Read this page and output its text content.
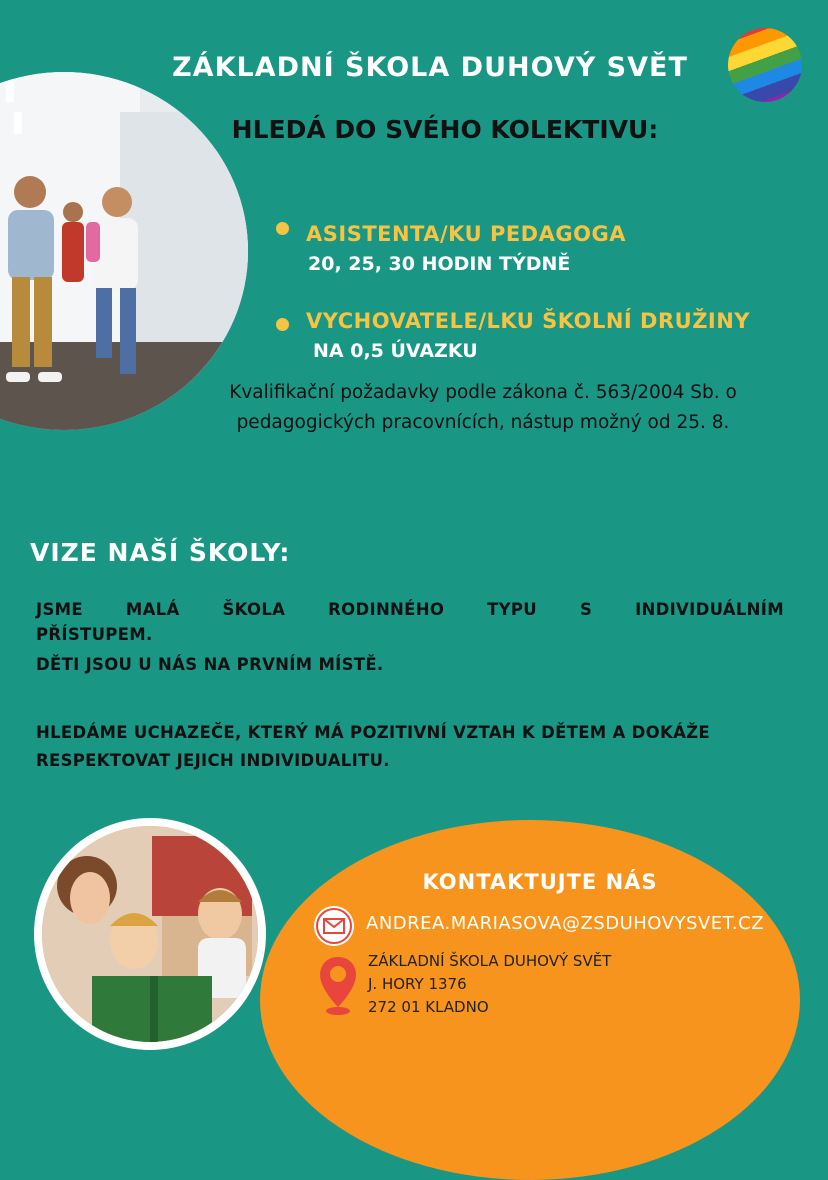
ZÁKLADNÍ ŠKOLA DUHOVÝ SVĚT
HLEDÁ DO SVÉHO KOLEKTIVU:
ASISTENTA/KU PEDAGOGA
20, 25, 30 HODIN TÝDNĚ
VYCHOVATELE/LKU ŠKOLNÍ DRUŽINY
NA 0,5 ÚVAZKU
Kvalifikační požadavky podle zákona č. 563/2004 Sb. o
pedagogických pracovnících, nástup možný od 25. 8.
VIZE NAŠÍ ŠKOLY:
JSME	MALÁ	ŠKOLA	RODINNÉHO	TYPU	S	INDIVIDUÁLNÍM
PŘÍSTUPEM.
DĚTI JSOU U NÁS NA PRVNÍM MÍSTĚ.
HLEDÁME UCHAZEČE, KTERÝ MÁ POZITIVNÍ VZTAH K DĚTEM A DOKÁŽE
RESPEKTOVAT JEJICH INDIVIDUALITU.
KONTAKTUJTE NÁS
ANDREA.MARIASOVA@ZSDUHOVYSVET.CZ
ZÁKLADNÍ ŠKOLA DUHOVÝ SVĚT
J. HORY 1376
272 01 KLADNO
